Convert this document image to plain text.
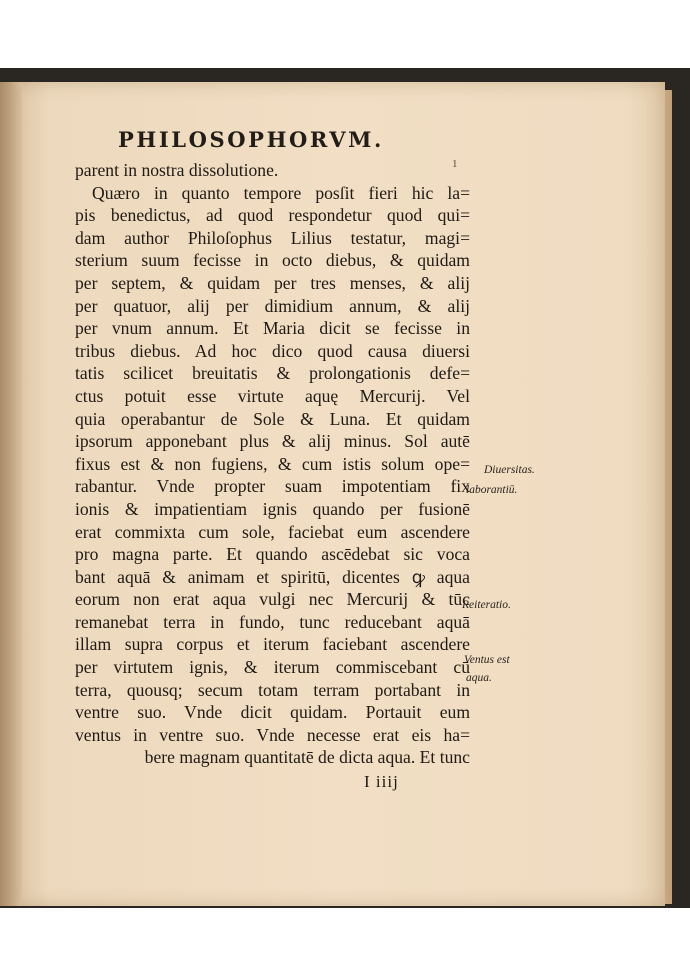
PHILOSOPHORVM.
1
parent in nostra dissolutione.
Quæro in quanto tempore posſit fieri hic la=
pis benedictus, ad quod respondetur quod qui=
dam author Philoſophus Lilius testatur, magi=
sterium suum fecisse in octo diebus, & quidam
per septem, & quidam per tres menses, & alij
per quatuor, alij per dimidium annum, & alij
per vnum annum. Et Maria dicit se fecisse in
tribus diebus. Ad hoc dico quod causa diuersi
tatis scilicet breuitatis & prolongationis defe=
ctus potuit esse virtute aquę Mercurij. Vel
quia operabantur de Sole & Luna. Et quidam
ipsorum apponebant plus & alij minus. Sol autē
fixus est & non fugiens, & cum istis solum ope=
rabantur. Vnde propter suam impotentiam fix
ionis & impatientiam ignis quando per fusionē
erat commixta cum sole, faciebat eum ascendere
pro magna parte. Et quando ascēdebat sic voca
bant aquā & animam et spiritū, dicentes ꝙ aqua
eorum non erat aqua vulgi nec Mercurij & tūc
remanebat terra in fundo, tunc reducebant aquā
illam supra corpus et iterum faciebant ascendere
per virtutem ignis, & iterum commiscebant cū
terra, quousq; secum totam terram portabant in
ventre suo. Vnde dicit quidam. Portauit eum
ventus in ventre suo. Vnde necesse erat eis ha=
bere magnam quantitatē de dicta aqua. Et tunc
Diuersitas.
laborantiū.
Reiteratio.
Ventus est
aqua.
I iiij
